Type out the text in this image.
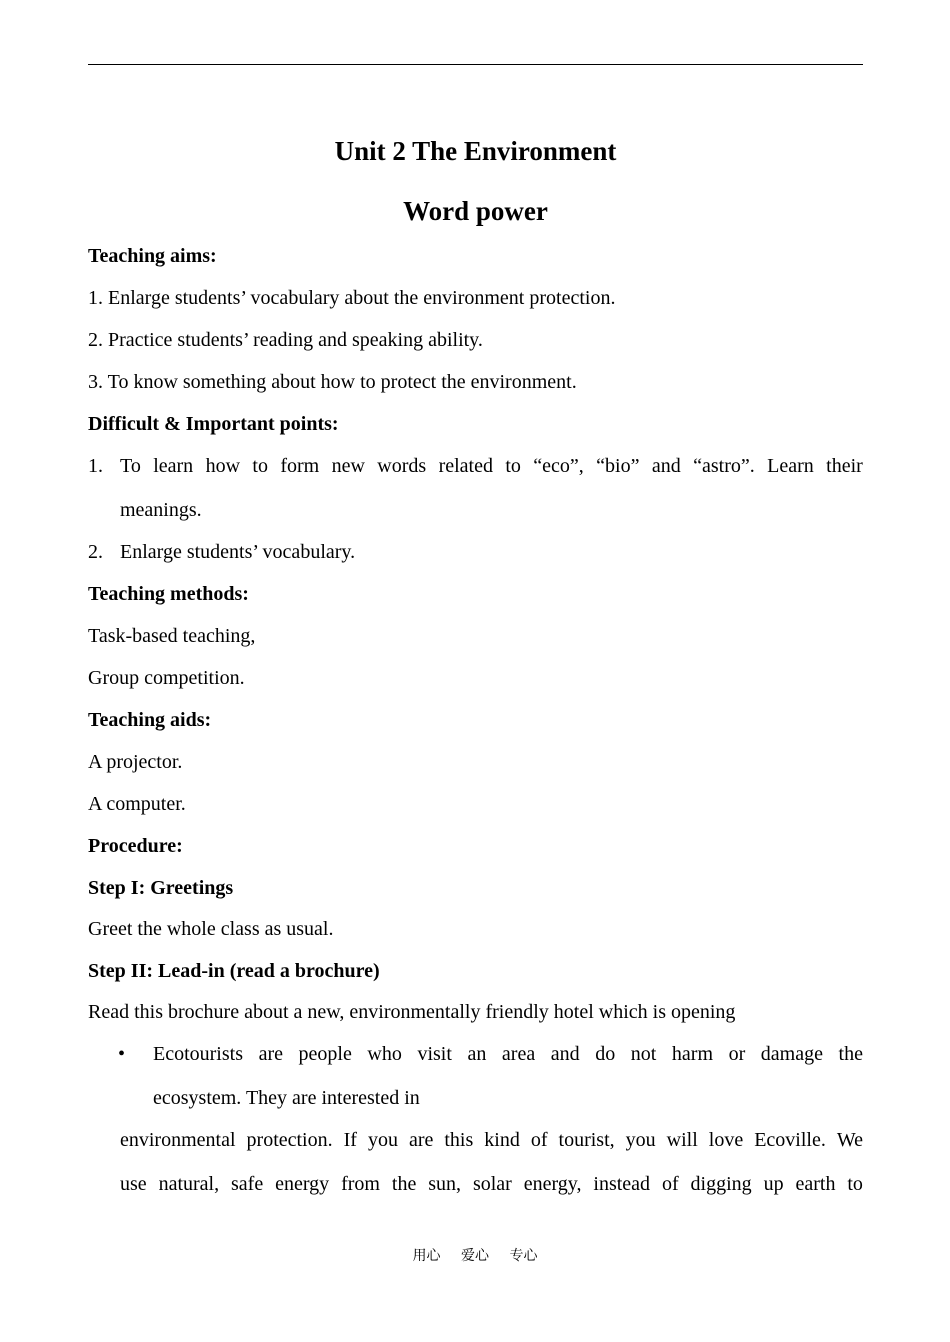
Unit 2 The Environment
Word power
Teaching aims:
1. Enlarge students’ vocabulary about the environment protection.
2. Practice students’ reading and speaking ability.
3. To know something about how to protect the environment.
Difficult & Important points:
1. To learn how to form new words related to “eco”, “bio” and “astro”. Learn their
meanings.
2. Enlarge students’ vocabulary.
Teaching methods:
Task-based teaching,
Group competition.
Teaching aids:
A projector.
A computer.
Procedure:
Step I: Greetings
Greet the whole class as usual.
Step II: Lead-in (read a brochure)
Read this brochure about a new, environmentally friendly hotel which is opening
• Ecotourists are people who visit an area and do not harm or damage the
ecosystem. They are interested in
environmental protection. If you are this kind of tourist, you will love Ecoville. We
use natural, safe energy from the sun, solar energy, instead of digging up earth to
用心 爱心 专心
